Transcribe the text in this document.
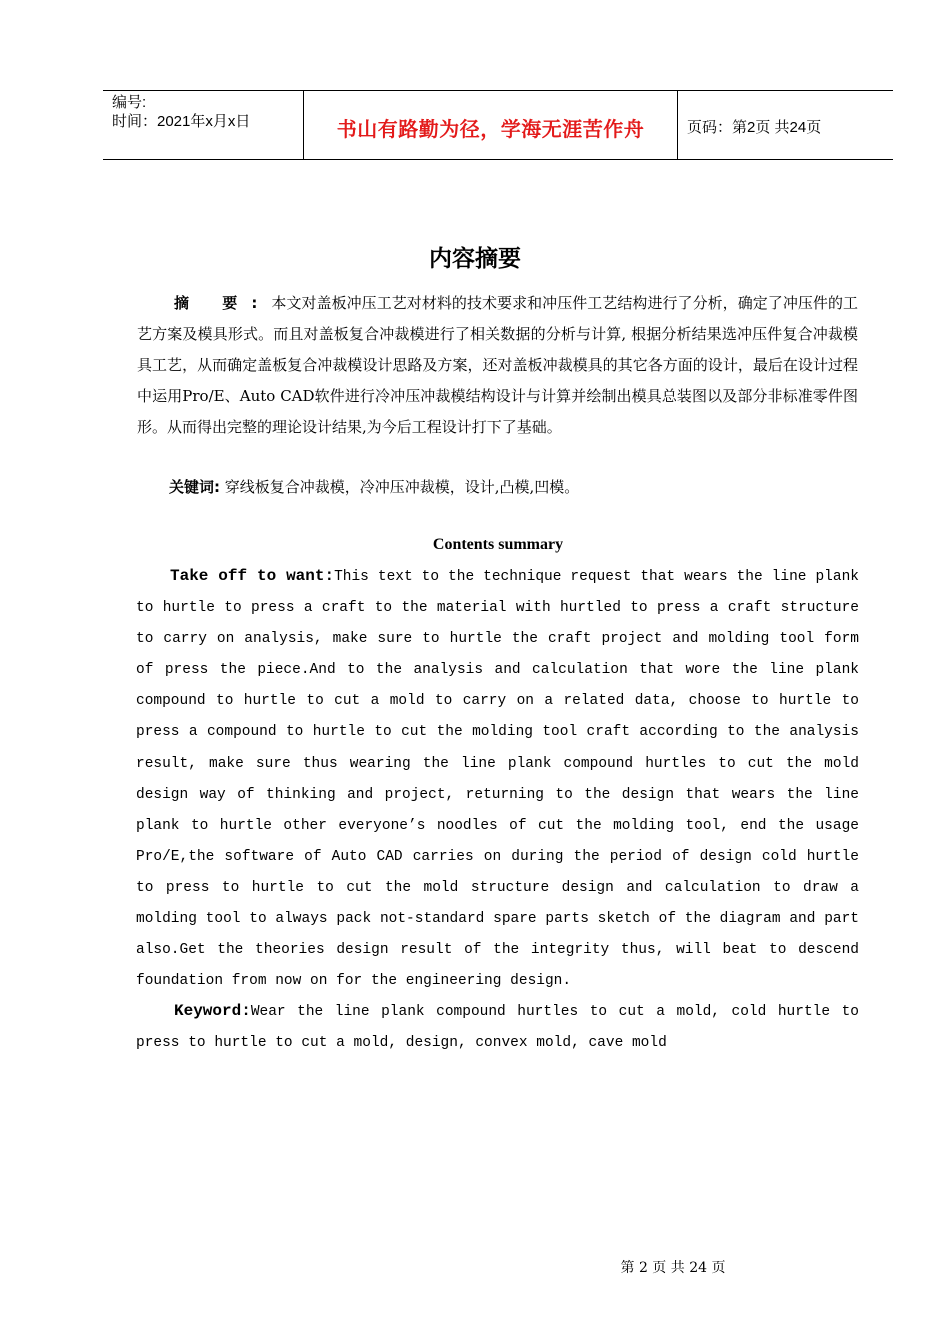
编号:
时间：2021年x月x日	书山有路勤为径，学海无涯苦作舟	页码：第2页 共24页
内容摘要
摘 要:本文对盖板冲压工艺对材料的技术要求和冲压件工艺结构进行了分析，确定了冲压件的工艺方案及模具形式。而且对盖板复合冲裁模进行了相关数据的分析与计算, 根据分析结果选冲压件复合冲裁模具工艺，从而确定盖板复合冲裁模设计思路及方案，还对盖板冲裁模具的其它各方面的设计，最后在设计过程中运用Pro/E、Auto CAD软件进行冷冲压冲裁模结构设计与计算并绘制出模具总装图以及部分非标准零件图形。从而得出完整的理论设计结果,为今后工程设计打下了基础。
关键词: 穿线板复合冲裁模，冷冲压冲裁模，设计,凸模,凹模。
Contents summary
Take off to want:This text to the technique request that wears the line plank to hurtle to press a craft to the material with hurtled to press a craft structure to carry on analysis, make sure to hurtle the craft project and molding tool form of press the piece.And to the analysis and calculation that wore the line plank compound to hurtle to cut a mold to carry on a related data, choose to hurtle to press a compound to hurtle to cut the molding tool craft according to the analysis result, make sure thus wearing the line plank compound hurtles to cut the mold design way of thinking and project, returning to the design that wears the line plank to hurtle other everyone’s noodles of cut the molding tool, end the usage Pro/E,the software of Auto CAD carries on during the period of design cold hurtle to press to hurtle to cut the mold structure design and calculation to draw a molding tool to always pack not-standard spare parts sketch of the diagram and part also.Get the theories design result of the integrity thus, will beat to descend foundation from now on for the engineering design.
Keyword:Wear the line plank compound hurtles to cut a mold, cold hurtle to press to hurtle to cut a mold, design, convex mold, cave mold
第 2 页 共 24 页
